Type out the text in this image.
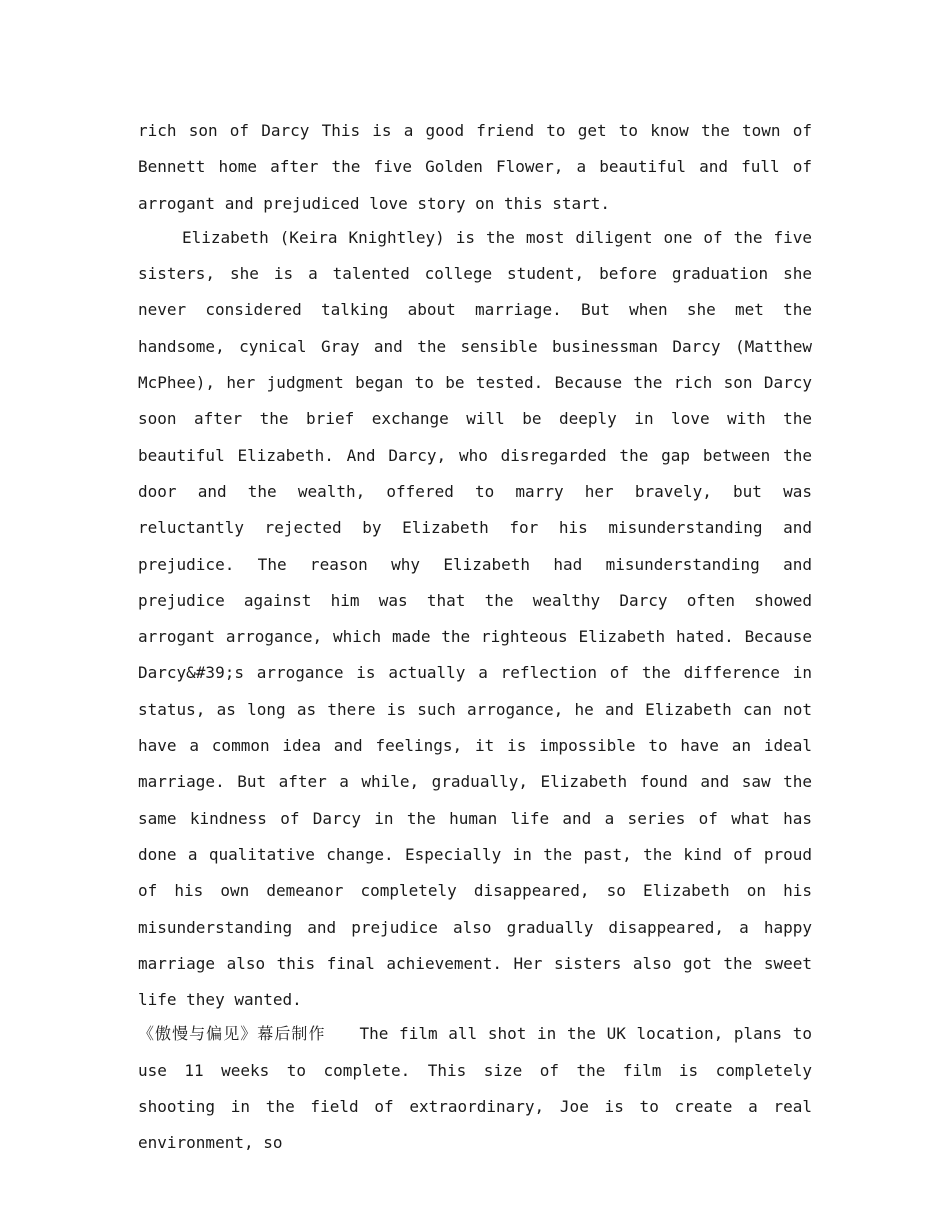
rich son of Darcy This is a good friend to get to know the town of Bennett home after the five Golden Flower, a beautiful and full of arrogant and prejudiced love story on this start.

Elizabeth (Keira Knightley) is the most diligent one of the five sisters, she is a talented college student, before graduation she never considered talking about marriage. But when she met the handsome, cynical Gray and the sensible businessman Darcy (Matthew McPhee), her judgment began to be tested. Because the rich son Darcy soon after the brief exchange will be deeply in love with the beautiful Elizabeth. And Darcy, who disregarded the gap between the door and the wealth, offered to marry her bravely, but was reluctantly rejected by Elizabeth for his misunderstanding and prejudice. The reason why Elizabeth had misunderstanding and prejudice against him was that the wealthy Darcy often showed arrogant arrogance, which made the righteous Elizabeth hated. Because Darcy&#39;s arrogance is actually a reflection of the difference in status, as long as there is such arrogance, he and Elizabeth can not have a common idea and feelings, it is impossible to have an ideal marriage. But after a while, gradually, Elizabeth found and saw the same kindness of Darcy in the human life and a series of what has done a qualitative change. Especially in the past, the kind of proud of his own demeanor completely disappeared, so Elizabeth on his misunderstanding and prejudice also gradually disappeared, a happy marriage also this final achievement. Her sisters also got the sweet life they wanted.

《傲慢与偏见》幕后制作 The film all shot in the UK location, plans to use 11 weeks to complete. This size of the film is completely shooting in the field of extraordinary, Joe is to create a real environment, so
